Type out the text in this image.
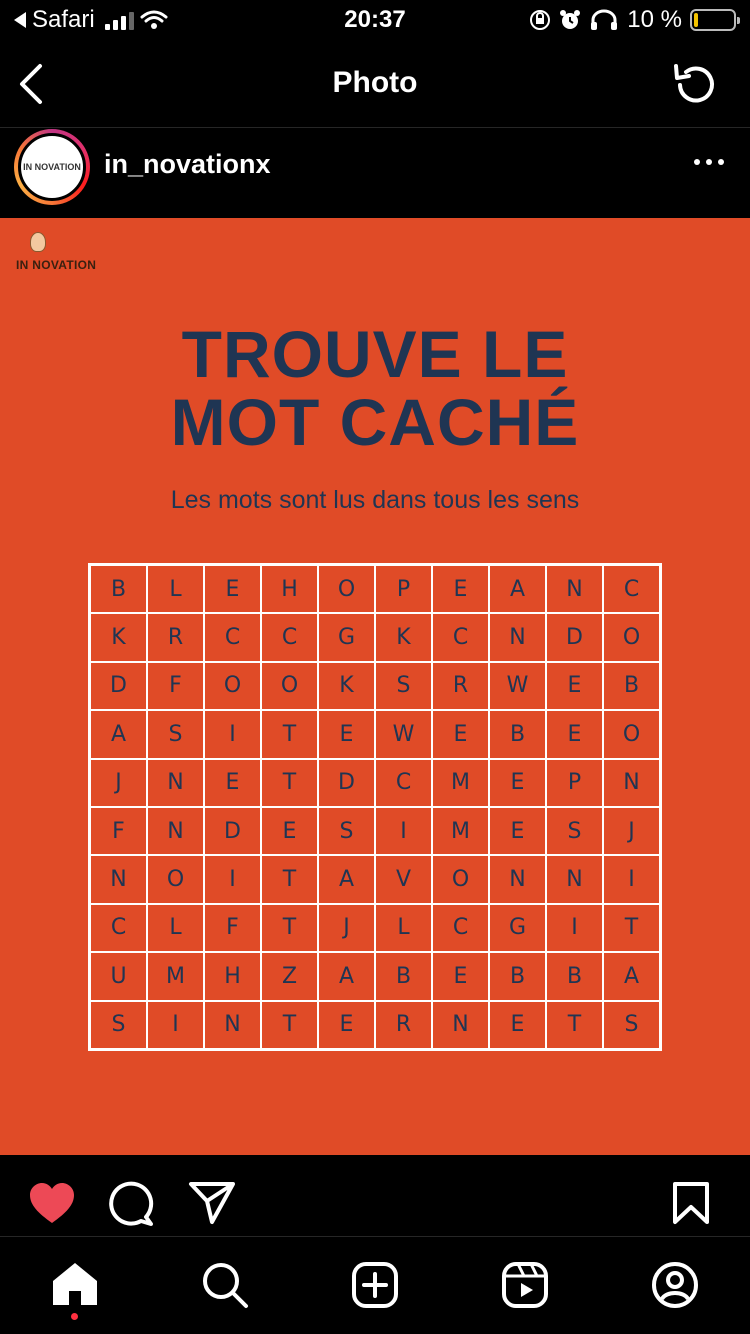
Safari	20:37	10 %
Photo
IN NOVATION in_novationx
IN NOVATION
TROUVE LE
MOT CACHÉ
Les mots sont lus dans tous les sens
B	L	E	H	O	P	E	A	N	C
K	R	C	C	G	K	C	N	D	O
D	F	O	O	K	S	R	W	E	B
A	S	I	T	E	W	E	B	E	O
J	N	E	T	D	C	M	E	P	N
F	N	D	E	S	I	M	E	S	J
N	O	I	T	A	V	O	N	N	I
C	L	F	T	J	L	C	G	I	T
U	M	H	Z	A	B	E	B	B	A
S	I	N	T	E	R	N	E	T	S
